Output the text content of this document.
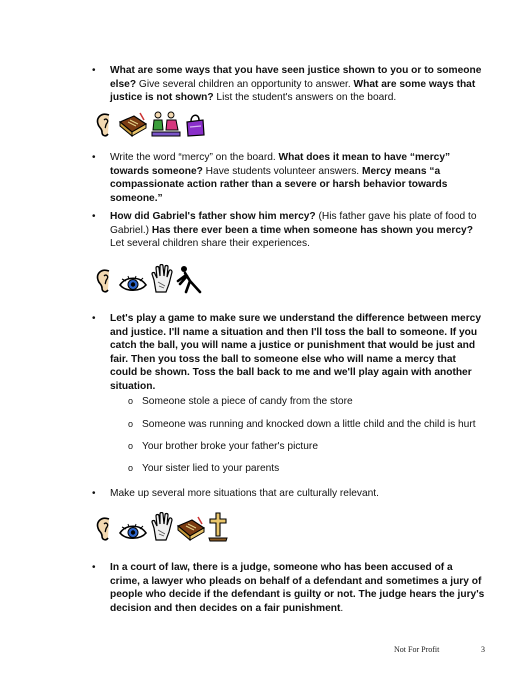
• What are some ways that you have seen justice shown to you or to someone else? Give several children an opportunity to answer. What are some ways that justice is not shown? List the student's answers on the board.
• Write the word “mercy” on the board. What does it mean to have “mercy” towards someone? Have students volunteer answers. Mercy means “a compassionate action rather than a severe or harsh behavior towards someone.”
• How did Gabriel's father show him mercy? (His father gave his plate of food to Gabriel.) Has there ever been a time when someone has shown you mercy? Let several children share their experiences.
• Let's play a game to make sure we understand the difference between mercy and justice. I'll name a situation and then I'll toss the ball to someone. If you catch the ball, you will name a justice or punishment that would be just and fair. Then you toss the ball to someone else who will name a mercy that could be shown. Toss the ball back to me and we'll play again with another situation.
o Someone stole a piece of candy from the store
o Someone was running and knocked down a little child and the child is hurt
o Your brother broke your father's picture
o Your sister lied to your parents
• Make up several more situations that are culturally relevant.
• In a court of law, there is a judge, someone who has been accused of a crime, a lawyer who pleads on behalf of a defendant and sometimes a jury of people who decide if the defendant is guilty or not. The judge hears the jury's decision and then decides on a fair punishment.
Not For Profit	3
